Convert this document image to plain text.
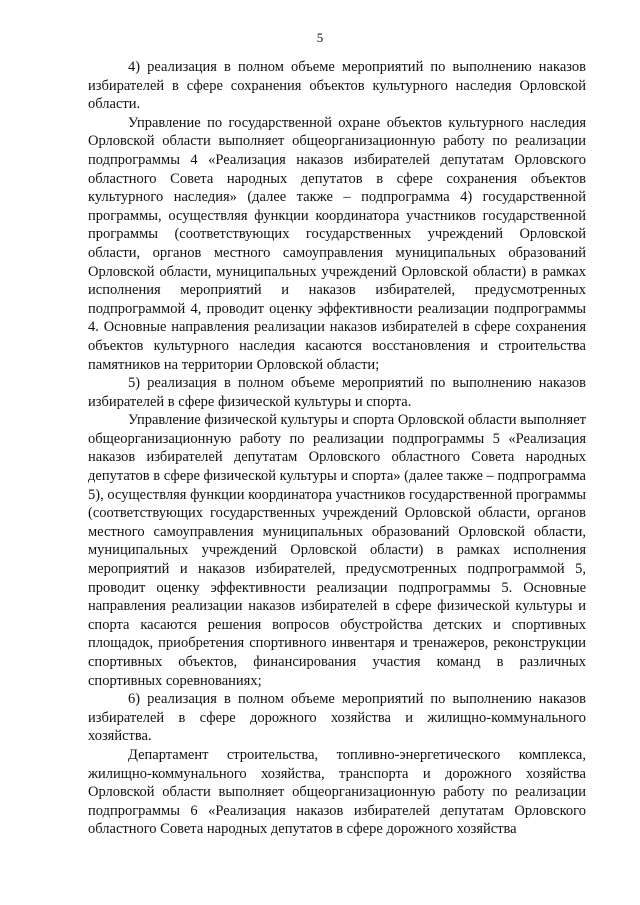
5

4) реализация в полном объеме мероприятий по выполнению наказов избирателей в сфере сохранения объектов культурного наследия Орловской области.

Управление по государственной охране объектов культурного наследия Орловской области выполняет общеорганизационную работу по реализации подпрограммы 4 «Реализация наказов избирателей депутатам Орловского областного Совета народных депутатов в сфере сохранения объектов культурного наследия» (далее также – подпрограмма 4) государственной программы, осуществляя функции координатора участников государственной программы (соответствующих государственных учреждений Орловской области, органов местного самоуправления муниципальных образований Орловской области, муниципальных учреждений Орловской области) в рамках исполнения мероприятий и наказов избирателей, предусмотренных подпрограммой 4, проводит оценку эффективности реализации подпрограммы 4. Основные направления реализации наказов избирателей в сфере сохранения объектов культурного наследия касаются восстановления и строительства памятников на территории Орловской области;

5) реализация в полном объеме мероприятий по выполнению наказов избирателей в сфере физической культуры и спорта.

Управление физической культуры и спорта Орловской области выполняет общеорганизационную работу по реализации подпрограммы 5 «Реализация наказов избирателей депутатам Орловского областного Совета народных депутатов в сфере физической культуры и спорта» (далее также – подпрограмма 5), осуществляя функции координатора участников государственной программы (соответствующих государственных учреждений Орловской области, органов местного самоуправления муниципальных образований Орловской области, муниципальных учреждений Орловской области) в рамках исполнения мероприятий и наказов избирателей, предусмотренных подпрограммой 5, проводит оценку эффективности реализации подпрограммы 5. Основные направления реализации наказов избирателей в сфере физической культуры и спорта касаются решения вопросов обустройства детских и спортивных площадок, приобретения спортивного инвентаря и тренажеров, реконструкции спортивных объектов, финансирования участия команд в различных спортивных соревнованиях;

6) реализация в полном объеме мероприятий по выполнению наказов избирателей в сфере дорожного хозяйства и жилищно-коммунального хозяйства.

Департамент строительства, топливно-энергетического комплекса, жилищно-коммунального хозяйства, транспорта и дорожного хозяйства Орловской области выполняет общеорганизационную работу по реализации подпрограммы 6 «Реализация наказов избирателей депутатам Орловского областного Совета народных депутатов в сфере дорожного хозяйства
